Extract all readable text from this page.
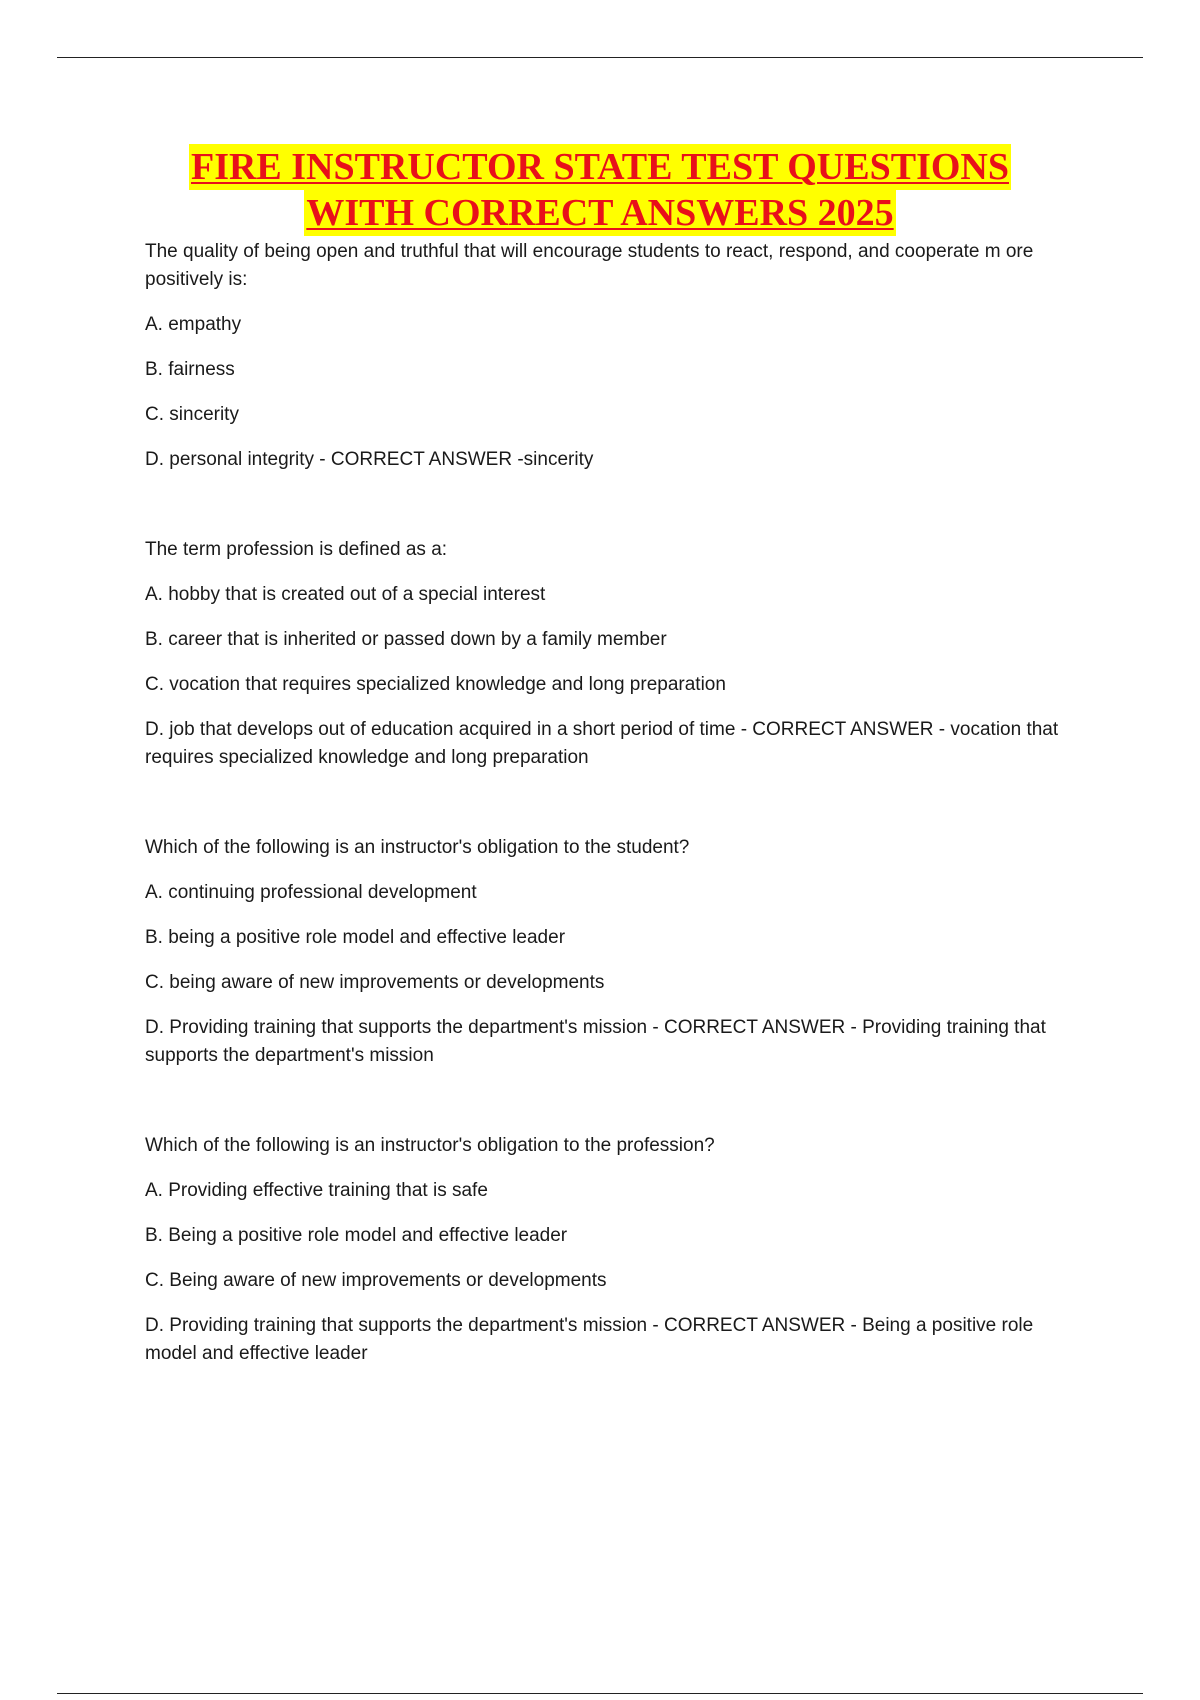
FIRE INSTRUCTOR STATE TEST QUESTIONS
WITH CORRECT ANSWERS 2025

The quality of being open and truthful that will encourage students to react, respond, and cooperate m ore positively is:

A. empathy

B. fairness

C. sincerity

D. personal integrity - CORRECT ANSWER -sincerity

The term profession is defined as a:

A. hobby that is created out of a special interest

B. career that is inherited or passed down by a family member

C. vocation that requires specialized knowledge and long preparation

D. job that develops out of education acquired in a short period of time - CORRECT ANSWER - vocation that requires specialized knowledge and long preparation

Which of the following is an instructor's obligation to the student?

A. continuing professional development

B. being a positive role model and effective leader

C. being aware of new improvements or developments

D. Providing training that supports the department's mission - CORRECT ANSWER - Providing training that supports the department's mission

Which of the following is an instructor's obligation to the profession?

A. Providing effective training that is safe

B. Being a positive role model and effective leader

C. Being aware of new improvements or developments

D. Providing training that supports the department's mission - CORRECT ANSWER - Being a positive role model and effective leader
